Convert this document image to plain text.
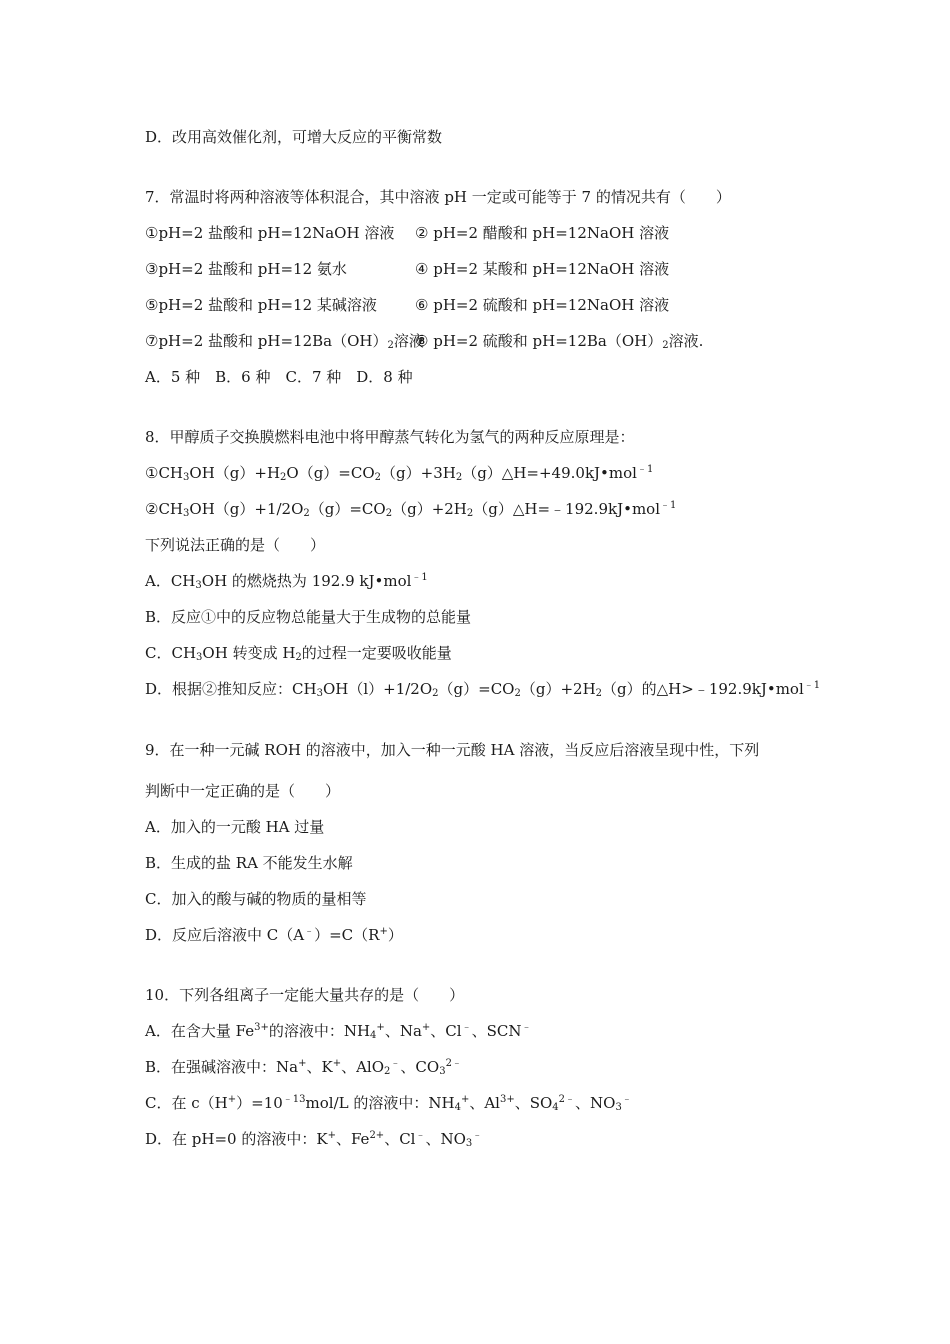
D．改用高效催化剂，可增大反应的平衡常数
7．常温时将两种溶液等体积混合，其中溶液 pH 一定或可能等于 7 的情况共有（　　）
①pH=2 盐酸和 pH=12NaOH 溶液 ② pH=2 醋酸和 pH=12NaOH 溶液
③pH=2 盐酸和 pH=12 氨水	④ pH=2 某酸和 pH=12NaOH 溶液
⑤pH=2 盐酸和 pH=12 某碱溶液	⑥ pH=2 硫酸和 pH=12NaOH 溶液
⑦pH=2 盐酸和 $pH=12Ba(OH)_2$溶液
⑧ pH=2 硫酸和 $pH=12Ba(OH)_2$溶液.
A．5 种　B．6 种　C．7 种　D．8 种
8．甲醇质子交换膜燃料电池中将甲醇蒸气转化为氢气的两种反应原理是：
$①CH_3OH(g)+H_2O(g)=CO_2(g)+3H_2(g)\triangle H=+49.0kJ•mol^{﹣1}$
$②CH_3OH(g)+1/2O_2(g)=CO_2(g)+2H_2(g)\triangle H=﹣192.9kJ•mol^{﹣1}$
下列说法正确的是（　　）
A．$CH_3OH$ 的燃烧热为 192.9 kJ•mol$^{﹣1}$
B．反应①中的反应物总能量大于生成物的总能量
C．$CH_3OH$ 转变成 $H_2$的过程一定要吸收能量
D．根据②推知反应：$CH_3OH(l)+1/2O_2(g)=CO_2(g)+2H_2(g)$的△H>﹣192.9kJ•mol$^{﹣1}$
9．在一种一元碱 ROH 的溶液中，加入一种一元酸 HA 溶液，当反应后溶液呈现中性，下列
判断中一定正确的是（　　）
A．加入的一元酸 HA 过量
B．生成的盐 RA 不能发生水解
C．加入的酸与碱的物质的量相等
D．反应后溶液中 C（A﹣）=C（R+）
10．下列各组离子一定能大量共存的是（　　）
A．在含大量 $Fe^{3+}$的溶液中：$NH_4^+$、Na+、Cl﹣、SCN﹣
B．在强碱溶液中：Na+、K+、AlO$_2$﹣、$CO_3^{2﹣}$
C．在 $c(H^+)=10^{﹣13}mol/L$ 的溶液中：$NH_4^+$、$Al^{3+}$、$SO_4^{2﹣}$、$NO_3^﹣$
D．在 pH=0 的溶液中：K+、$Fe^{2+}$、Cl﹣、$NO_3^﹣$
